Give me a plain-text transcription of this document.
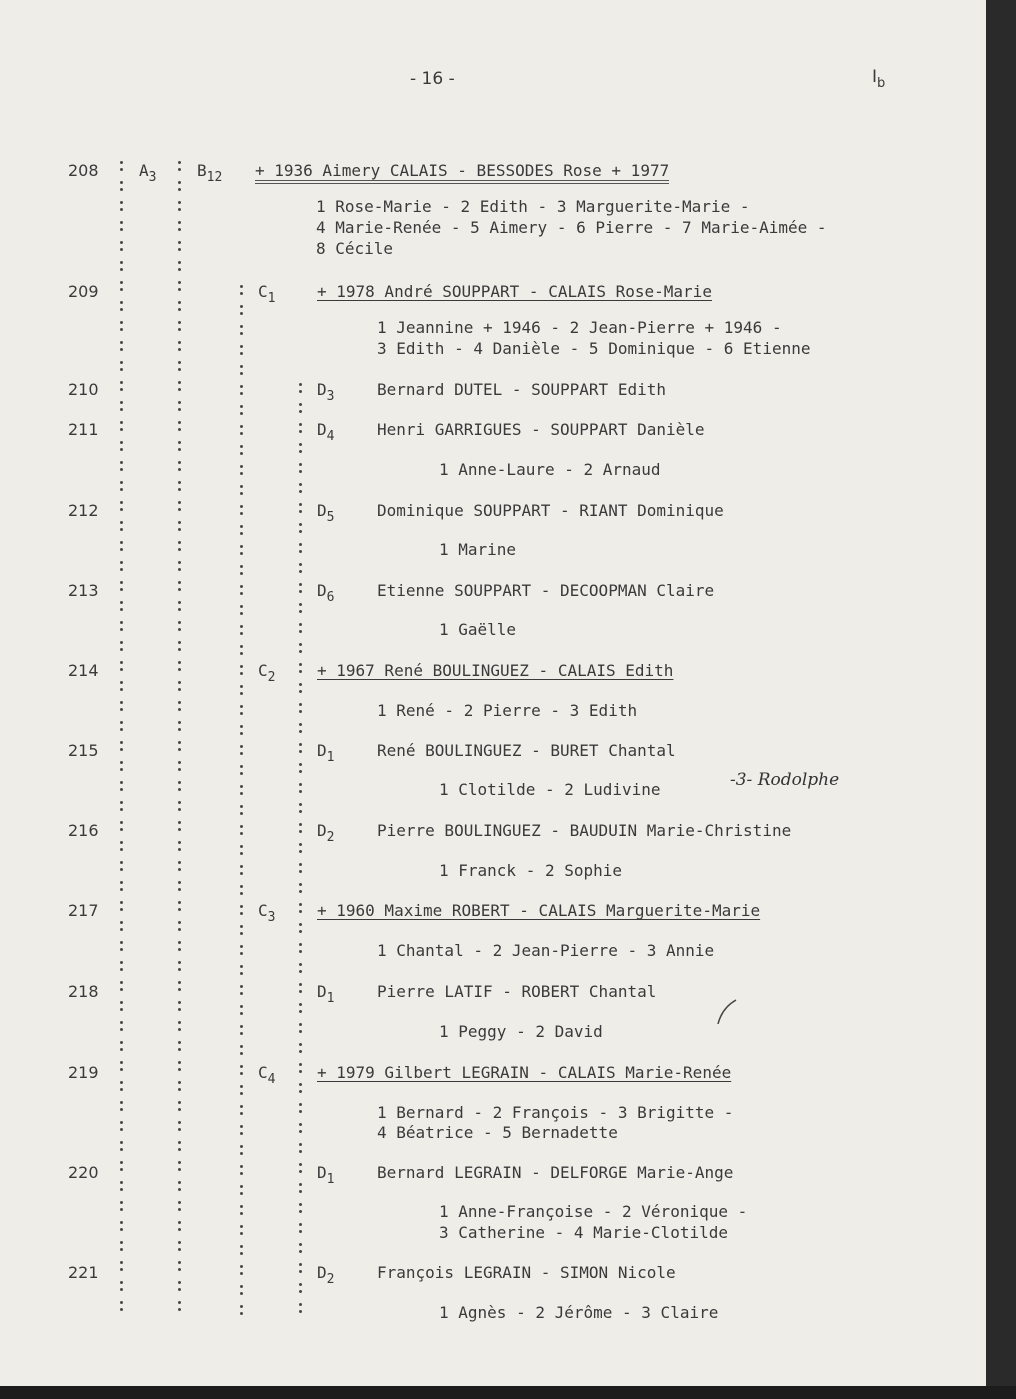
- 16 -	$I_b$
208	$A_3$	$B_{12} + 1936$ Aimery CALAIS - BESSODES Rose + 1977
1 Rose-Marie - 2 Edith - 3 Marguerite-Marie -
4 Marie-Renée - 5 Aimery - 6 Pierre - 7 Marie-Aimée -
8 Cécile
209	$C_1$	+ 1978 André SOUPPART - CALAIS Rose-Marie
1 Jeannine + 1946 - 2 Jean-Pierre + 1946 -
3 Edith - 4 Danièle - 5 Dominique - 6 Etienne
210	$D_3$	Bernard DUTEL - SOUPPART Edith
211	$D_4$	Henri GARRIGUES - SOUPPART Danièle
1 Anne-Laure - 2 Arnaud
212	$D_5$	Dominique SOUPPART - RIANT Dominique
1 Marine
213	$D_6$	Etienne SOUPPART - DECOOPMAN Claire
1 Gaëlle
214	$C_2$	+ 1967 René BOULINGUEZ - CALAIS Edith
1 René - 2 Pierre - 3 Edith
215	$D_1$	René BOULINGUEZ - BURET Chantal
1 Clotilde - 2 Ludivine
216	$D_2$	Pierre BOULINGUEZ - BAUDUIN Marie-Christine
1 Franck - 2 Sophie
217	$C_3$	+ 1960 Maxime ROBERT - CALAIS Marguerite-Marie
1 Chantal - 2 Jean-Pierre - 3 Annie
218	$D_1$	Pierre LATIF - ROBERT Chantal
1 Peggy - 2 David
219	$C_4$	+ 1979 Gilbert LEGRAIN - CALAIS Marie-Renée
1 Bernard - 2 François - 3 Brigitte -
4 Béatrice - 5 Bernadette
220	$D_1$	Bernard LEGRAIN - DELFORGE Marie-Ange
1 Anne-Françoise - 2 Véronique -
3 Catherine - 4 Marie-Clotilde
221	$D_2$	François LEGRAIN - SIMON Nicole
1 Agnès - 2 Jérôme - 3 Claire
-3- Rodolphe
